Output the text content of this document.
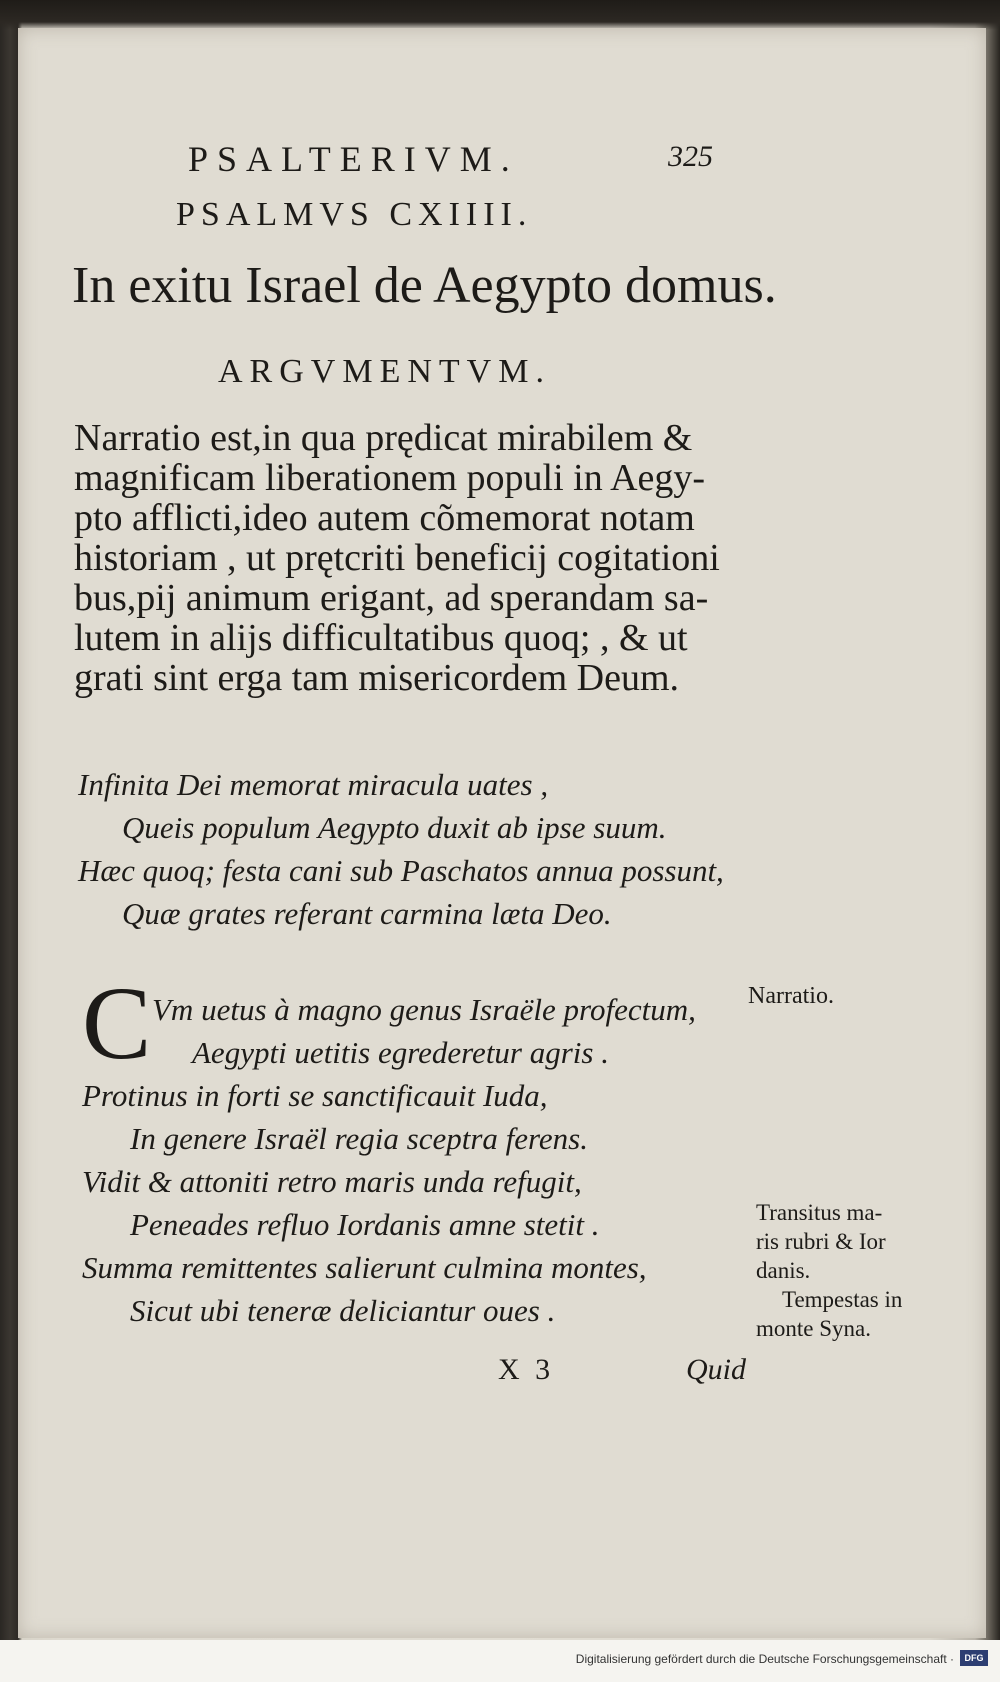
PSALTERIVM.	325
PSALMVS CXIIII.
In exitu Israel de Aegypto domus.
ARGVMENTVM.
Narratio est,in qua prędicat mirabilem &
magnificam liberationem populi in Aegy-
pto afflicti,ideo autem cõmemorat notam
historiam , ut prętcriti beneficij cogitationi
bus,pij animum erigant, ad sperandam sa-
lutem in alijs difficultatibus quoq; , & ut
grati sint erga tam misericordem Deum.
Infinita Dei memorat miracula uates ,
Queis populum Aegypto duxit ab ipse suum.
Hæc quoq; festa cani sub Paschatos annua possunt,
Quæ grates referant carmina læta Deo.
C Vm uetus à magno genus Israële profectum,
Aegypti uetitis egrederetur agris .
Protinus in forti se sanctificauit Iuda,
In genere Israël regia sceptra ferens.
Vidit & attoniti retro maris unda refugit,
Peneades refluo Iordanis amne stetit .
Summa remittentes salierunt culmina montes,
Sicut ubi teneræ deliciantur oues .
Narratio.
Transitus ma-
ris rubri & Ior
danis.
Tempestas in
monte Syna.
X 3	Quid
Digitalisierung gefördert durch die Deutsche Forschungsgemeinschaft ·	DFG
